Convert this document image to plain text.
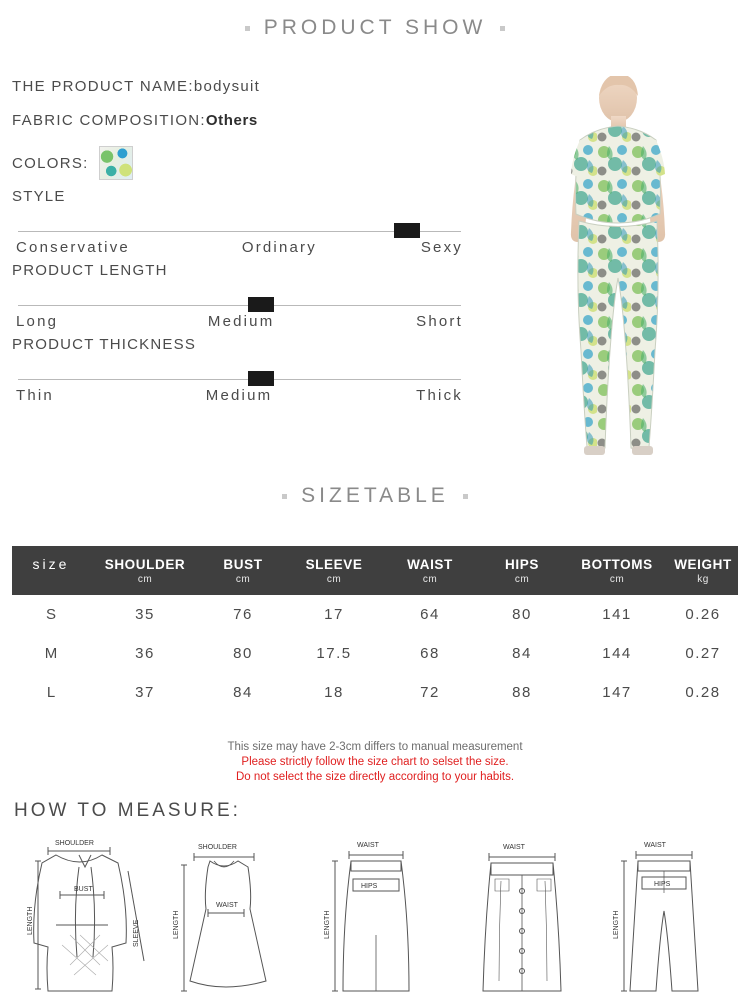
PRODUCT SHOW
THE PRODUCT NAME:bodysuit
FABRIC COMPOSITION:Others
COLORS:
STYLE
Conservative	Ordinary	Sexy
PRODUCT LENGTH
Long	Medium	Short
PRODUCT THICKNESS
Thin	Medium	Thick
SIZETABLE
size	SHOULDER	BUST	SLEEVE	WAIST	HIPS	BOTTOMS	WEIGHT
	cm	cm	cm	cm	cm	cm	kg
S	35	76	17	64	80	141	0.26
M	36	80	17.5	68	84	144	0.27
L	37	84	18	72	88	147	0.28
This size may have 2-3cm differs to manual measurement
Please strictly follow the size chart to selset the size.
Do not select the size directly according to your habits.
HOW TO MEASURE:
SHOULDER
BUST
LENGTH	SLEEVE
SHOULDER
WAIST
LENGTH
WAIST
HIPS
LENGTH
WAIST	WAIST
HIPS
LENGTH
